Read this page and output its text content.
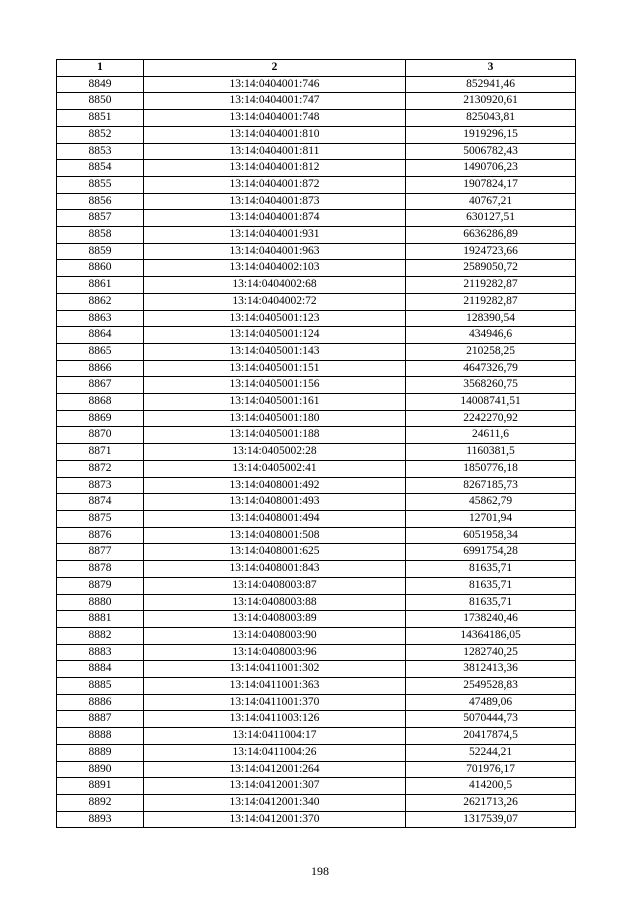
1	2	3
8849	13:14:0404001:746	852941,46
8850	13:14:0404001:747	2130920,61
8851	13:14:0404001:748	825043,81
8852	13:14:0404001:810	1919296,15
8853	13:14:0404001:811	5006782,43
8854	13:14:0404001:812	1490706,23
8855	13:14:0404001:872	1907824,17
8856	13:14:0404001:873	40767,21
8857	13:14:0404001:874	630127,51
8858	13:14:0404001:931	6636286,89
8859	13:14:0404001:963	1924723,66
8860	13:14:0404002:103	2589050,72
8861	13:14:0404002:68	2119282,87
8862	13:14:0404002:72	2119282,87
8863	13:14:0405001:123	128390,54
8864	13:14:0405001:124	434946,6
8865	13:14:0405001:143	210258,25
8866	13:14:0405001:151	4647326,79
8867	13:14:0405001:156	3568260,75
8868	13:14:0405001:161	14008741,51
8869	13:14:0405001:180	2242270,92
8870	13:14:0405001:188	24611,6
8871	13:14:0405002:28	1160381,5
8872	13:14:0405002:41	1850776,18
8873	13:14:0408001:492	8267185,73
8874	13:14:0408001:493	45862,79
8875	13:14:0408001:494	12701,94
8876	13:14:0408001:508	6051958,34
8877	13:14:0408001:625	6991754,28
8878	13:14:0408001:843	81635,71
8879	13:14:0408003:87	81635,71
8880	13:14:0408003:88	81635,71
8881	13:14:0408003:89	1738240,46
8882	13:14:0408003:90	14364186,05
8883	13:14:0408003:96	1282740,25
8884	13:14:0411001:302	3812413,36
8885	13:14:0411001:363	2549528,83
8886	13:14:0411001:370	47489,06
8887	13:14:0411003:126	5070444,73
8888	13:14:0411004:17	20417874,5
8889	13:14:0411004:26	52244,21
8890	13:14:0412001:264	701976,17
8891	13:14:0412001:307	414200,5
8892	13:14:0412001:340	2621713,26
8893	13:14:0412001:370	1317539,07
198
